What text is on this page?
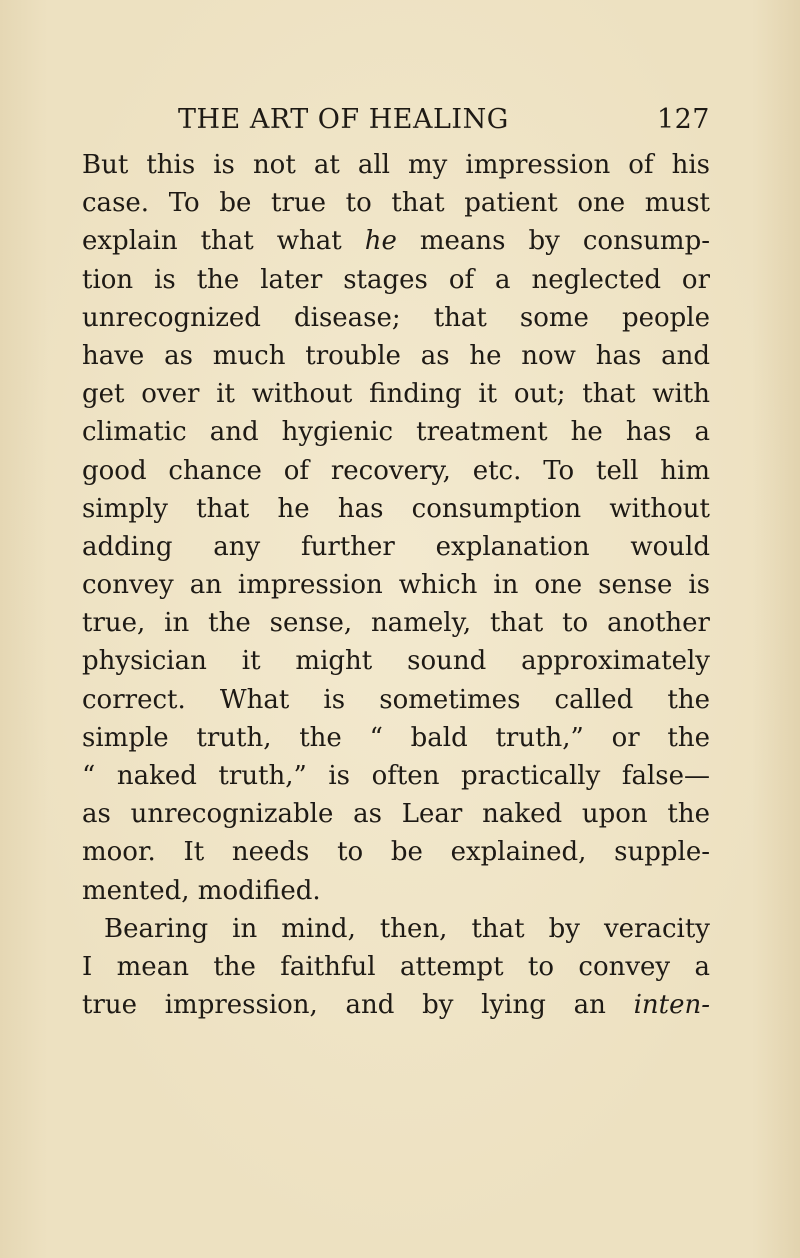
THE ART OF HEALING	127
But this is not at all my impression of his
case. To be true to that patient one must
explain that what he means by consump-
tion is the later stages of a neglected or
unrecognized disease; that some people
have as much trouble as he now has and
get over it without finding it out; that with
climatic and hygienic treatment he has a
good chance of recovery, etc. To tell him
simply that he has consumption without
adding any further explanation would
convey an impression which in one sense is
true, in the sense, namely, that to another
physician it might sound approximately
correct. What is sometimes called the
simple truth, the “ bald truth,” or the
“ naked truth,” is often practically false—
as unrecognizable as Lear naked upon the
moor. It needs to be explained, supple-
mented, modified.
Bearing in mind, then, that by veracity
I mean the faithful attempt to convey a
true impression, and by lying an inten-
